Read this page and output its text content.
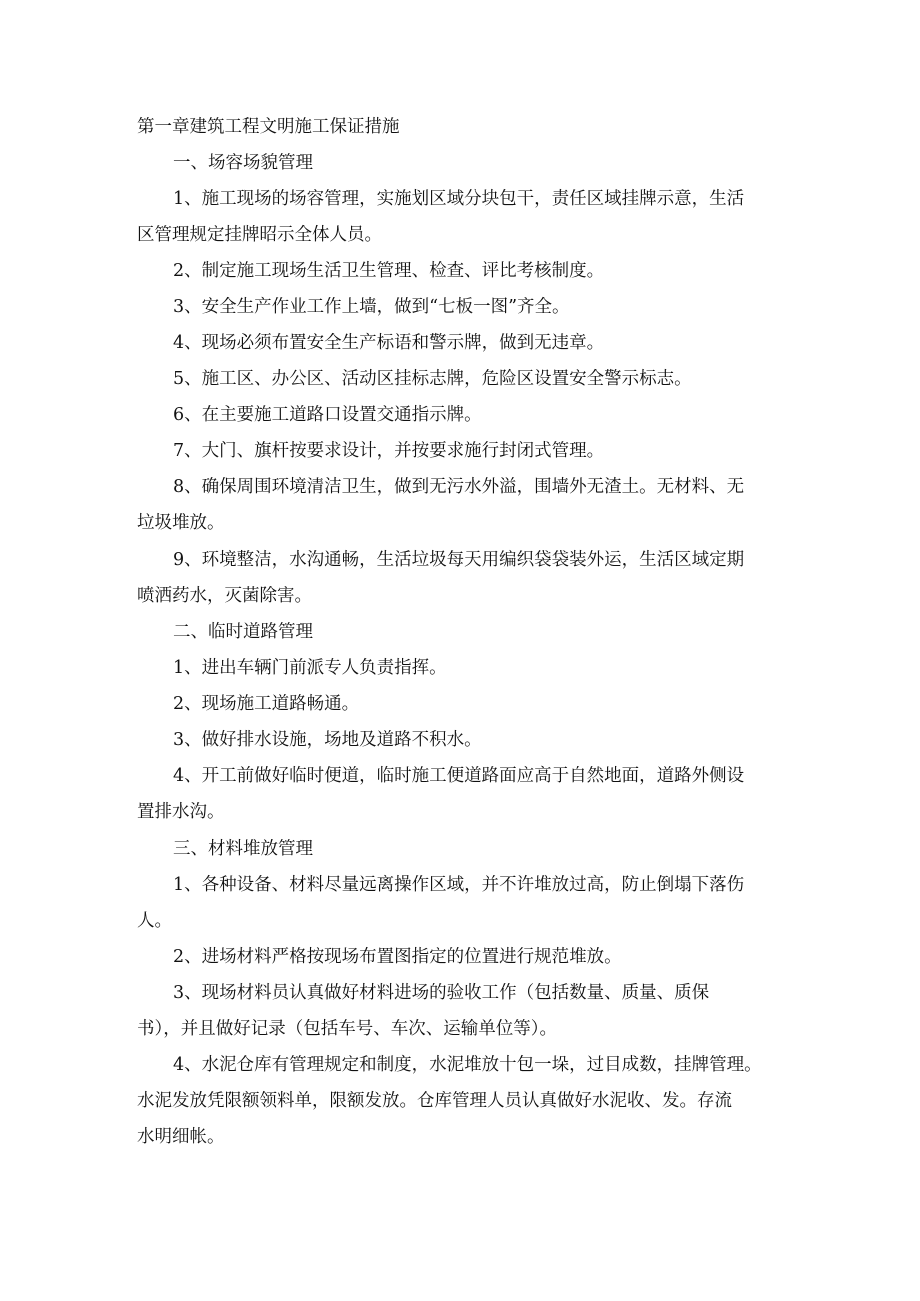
第一章建筑工程文明施工保证措施
一、场容场貌管理
1、施工现场的场容管理，实施划区域分块包干，责任区域挂牌示意，生活
区管理规定挂牌昭示全体人员。
2、制定施工现场生活卫生管理、检查、评比考核制度。
3、安全生产作业工作上墙，做到“七板一图”齐全。
4、现场必须布置安全生产标语和警示牌，做到无违章。
5、施工区、办公区、活动区挂标志牌，危险区设置安全警示标志。
6、在主要施工道路口设置交通指示牌。
7、大门、旗杆按要求设计，并按要求施行封闭式管理。
8、确保周围环境清洁卫生，做到无污水外溢，围墙外无渣土。无材料、无
垃圾堆放。
9、环境整洁，水沟通畅，生活垃圾每天用编织袋袋装外运，生活区域定期
喷洒药水，灭菌除害。
二、临时道路管理
1、进出车辆门前派专人负责指挥。
2、现场施工道路畅通。
3、做好排水设施，场地及道路不积水。
4、开工前做好临时便道，临时施工便道路面应高于自然地面，道路外侧设
置排水沟。
三、材料堆放管理
1、各种设备、材料尽量远离操作区域，并不许堆放过高，防止倒塌下落伤
人。
2、进场材料严格按现场布置图指定的位置进行规范堆放。
3、现场材料员认真做好材料进场的验收工作（包括数量、质量、质保
书），并且做好记录（包括车号、车次、运输单位等）。
4、水泥仓库有管理规定和制度，水泥堆放十包一垛，过目成数，挂牌管理。
水泥发放凭限额领料单，限额发放。仓库管理人员认真做好水泥收、发。存流
水明细帐。
